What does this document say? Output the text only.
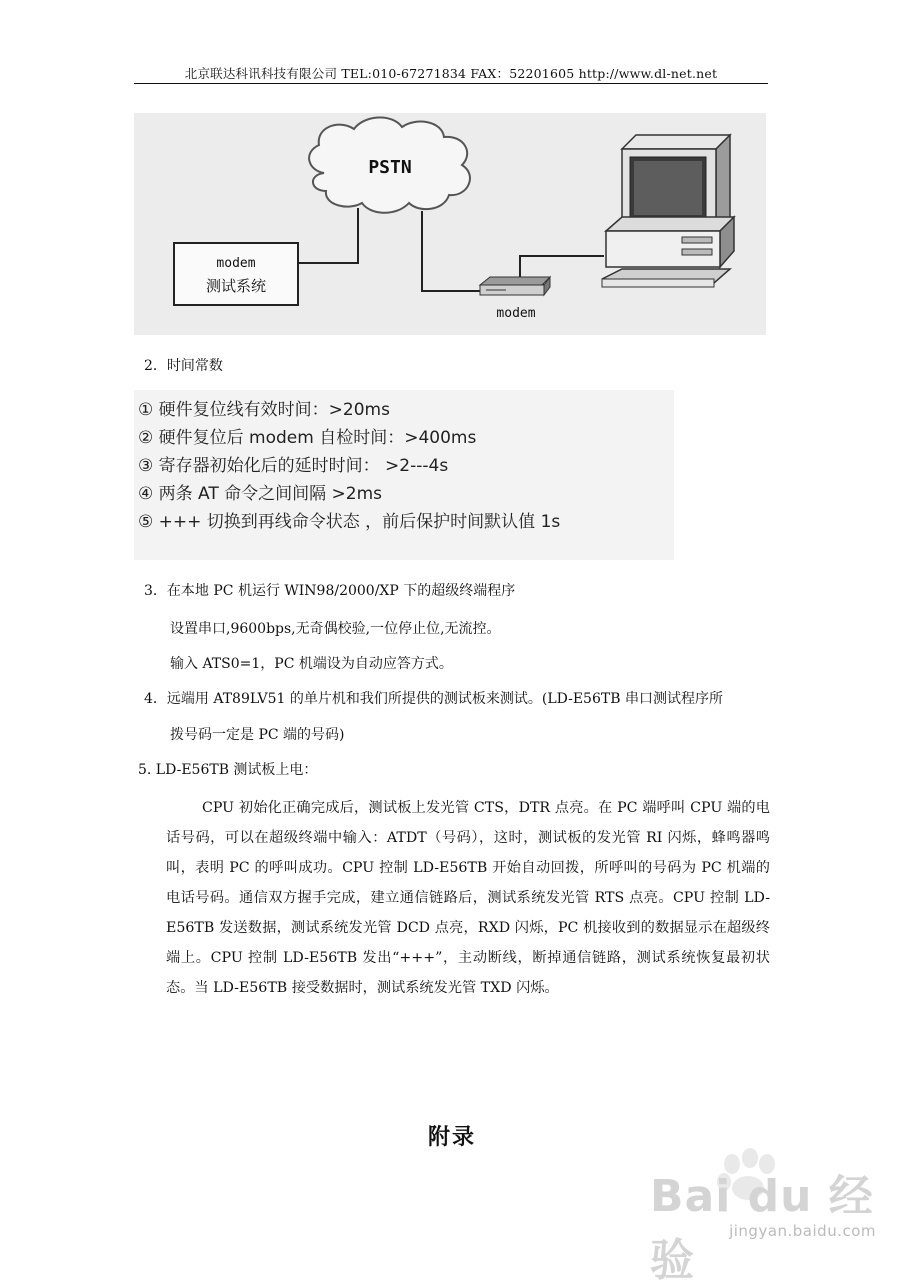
北京联达科讯科技有限公司 TEL:010-67271834 FAX：52201605 http://www.dl-net.net
PSTN
modem
测试系统
modem
2．时间常数
① 硬件复位线有效时间：>20ms
② 硬件复位后 modem 自检时间：>400ms
③ 寄存器初始化后的延时时间： >2---4s
④ 两条 AT 命令之间间隔 >2ms
⑤ +++ 切换到再线命令状态 ，前后保护时间默认值 1s
3．在本地 PC 机运行 WIN98/2000/XP 下的超级终端程序
设置串口,9600bps,无奇偶校验,一位停止位,无流控。
输入 ATS0=1，PC 机端设为自动应答方式。
4．远端用 AT89LV51 的单片机和我们所提供的测试板来测试。(LD-E56TB 串口测试程序所
拨号码一定是 PC 端的号码)
5. LD-E56TB 测试板上电：
CPU 初始化正确完成后，测试板上发光管 CTS，DTR 点亮。在 PC 端呼叫 CPU 端的电话号码，可以在超级终端中输入：ATDT（号码），这时，测试板的发光管 RI 闪烁，蜂鸣器鸣叫，表明 PC 的呼叫成功。CPU 控制 LD-E56TB 开始自动回拨，所呼叫的号码为 PC 机端的电话号码。通信双方握手完成，建立通信链路后，测试系统发光管 RTS 点亮。CPU 控制 LD-E56TB 发送数据，测试系统发光管 DCD 点亮，RXD 闪烁，PC 机接收到的数据显示在超级终端上。CPU 控制 LD-E56TB 发出“+++”，主动断线，断掉通信链路，测试系统恢复最初状态。当 LD-E56TB 接受数据时，测试系统发光管 TXD 闪烁。
附录
Bai du 经验
jingyan.baidu.com
